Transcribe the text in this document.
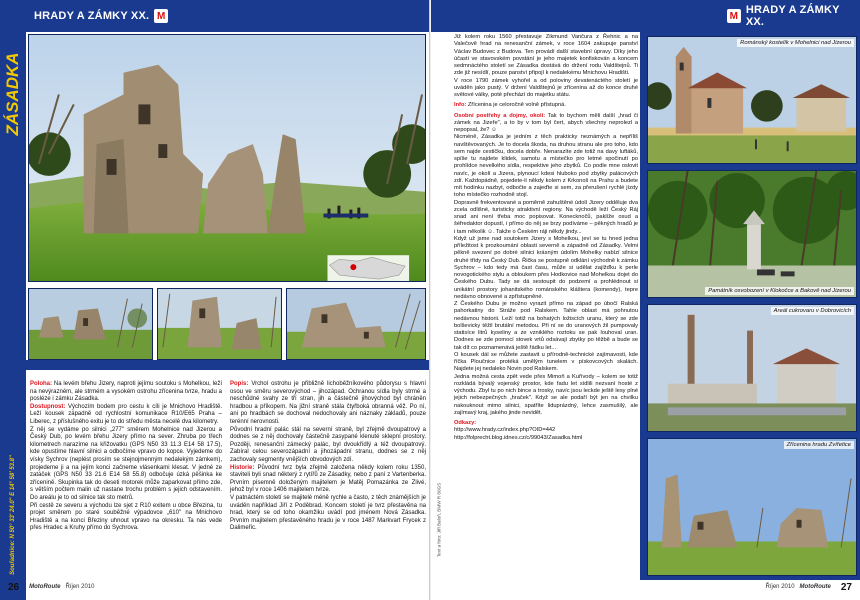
HRADY A ZÁMKY XX. M	M HRADY A ZÁMKY XX.
ZÁSADKA
Souřadnice: N 50° 33' 24.0" E 14° 58' 53.8"

Poloha: Na levém břehu Jizery, naproti jejímu soutoku s Mohelkou, leží na nevýrazném, ale strmém a vysokém ostrohu zřícenina tvrze, hradu a posléze i zámku Zásadka.

Dostupnost: Výchozím bodem pro cestu k cíli je Mnichovo Hradiště. Leží kousek západně od rychlostní komunikace R10/E65 Praha – Liberec, z příslušného exitu je to do středu města necelé dva kilometry.

Z něj se vydáme po silnici „277" směrem Mohelnice nad Jizerou a Český Dub, po levém břehu Jizery přímo na sever. Zhruba po třech kilometrech narazíme na křižovatku (GPS N50 33 11.3 E14 58 17.5), kde opustíme hlavní silnici a odbočíme vpravo do kopce. Vyjedeme do vísky Sychrov (neplést prosím se stejnojmenným nedalekým zámkem), projedeme ji a na jejím konci začneme vlásenkami klesat. V jedné ze zatáček (GPS N50 33 21.6 E14 58 55.8) odbočuje úzká pěšinka ke zřícenině. Skupinka tak do deseti motorek může zaparkovat přímo zde, s větším počtem malin už nastane trochu problém s jejich odstavením. Do areálu je to od silnice tak sto metrů.

Při cestě ze severu a východu lze sjet z R10 exitem u obce Březina, tu projet směrem po staré souběžné výpadovce „610" na Mnichovo Hradiště a na konci Březiny uhnout vpravo na okresku. Ta nás vede přes Hradec a Kruhy přímo do Sychrova.

Popis: Vrchol ostrohu je přibližně lichoběžníkového půdorysu s hlavní osou ve směru severovýchod – jihozápad. Ochranou sídla byly strmé a neschůdné svahy ze tří stran, jih a částečně jihovýchod byl chráněn hradbou a příkopem. Na jižní straně stála čtyřboká obranná věž. Po ní, ani po hradbách se dochoval nedochovaly ani náznaky základů, pouze terénní nerovnosti.

Původní hradní palác stál na severní straně, byl zřejmě dvoupatrový a dodnes se z něj dochovaly částečně zasypané klenuté sklepní prostory. Později, renesanční zámecký palác, byl dvoukřídlý a též dvoupatrový. Zabíral celou severozápadní a jihozápadní stranu, dodnes se z něj zachovaly segmenty vnějších obvodových zdí.

Historie: Původní tvrz byla zřejmě založena někdy kolem roku 1350, staviteli byli snad některý z rytířů ze Zásadky, nebo z paní z Vartenberka. Prvním písemně doloženým majitelem je Matěj Pomazánka ze Zlivé, jehož byl v roce 1406 majitelem tvrze.

V patnáctém století se majitelé méně rychle a často, z těch známějších je uváděn například Jiří z Poděbrad. Koncem století je tvrz přestavěna na hrad, který se od toho okamžiku uvádí pod jménem Nová Zásadka. Prvním majitelem přestavěného hradu je v roce 1487 Markvart Frycek z Dalimeřic.	Text a foto: Jiří Baloň, BMW R 80GS

Již kolem roku 1560 přestavuje Zikmund Vančura z Řehnic a na Valečově hrad na renesanční zámek, v roce 1604 zakupuje panství Václav Budovec z Budova. Ten provádí další stavební úpravy. Díky jeho účasti ve stavovském povstání je jeho majetek konfiskován a koncem sedmnáctého století se Zásadka dostává do držení rodu Valdštejnů. Ti zde již nesídlí, pouze panství připojí k nedalekému Mnichovu Hradišti.

V roce 1790 zámek vyhořel a od poloviny devatenáctého století je uváděn jako pustý. V držení Valdštejnů je zřícenina až do konce druhé světové války, poté přechází do majetku státu.

Info: Zřícenina je celoročně volně přístupná.

Osobní postřehy a dojmy, okolí: Tak to bychom měli další „hrad či zámek na Jizeře", a to by v tom byl čert, abych všechny neprolezl a nepopsal, že? ☺

Nicméně, Zásadka je jedním z těch prakticky neznámých a nepříliš navštěvovaných. Je to docela škoda, na druhou stranu ale pro toho, kdo sem najde cestičku, docela dobře. Nenarazíte zde totiž na davy luftáků, spíše tu najdete klidek, samotu a místečko pro letmé spočinutí po prohlídce nevelkého sídla, respektive jeho zbytků. Co podle mne oslovit navíc, je okolí a Jizera, plynoucí kdesi hluboko pod zbytky palácových zdí. Každopádně, pojedete-li někdy kolem z Krkonoš na Prahu a budete mít hodinku nazbyt, odbočte a zajeďte si sem, za přerušení rychlé jízdy toho místečko rozhodně stojí.

Dopravně frekventované a poměrně zahuštěné údolí Jizery odděluje dva zcela odlišné, turisticky atraktivní regiony. Na východě leží Český Ráj snad ani není třeba moc popisovat. Konecknočů, paklíže osud a šéfredaktor dopustí, i přímo do něj se brzy podíváme – pěkných hradů je i tam několik ☺. Takže o Českém ráji někdy jindy...

Když už jsme nad soutokem Jizery s Mohelkou, jeví se tu hned jedna příležitost k prozkoumání oblasti severně a západně od Zásadky. Velmi pěkně svezení po dobré silnici krásným údolím Mohelky nabízí silnice druhé třídy na Český Dub. Řička se postupně odklání východně k zámku Sychrov – kdo tedy má čast času, může si udělat zajížďku k perle novogotického stylu a obloukem přes Hodkovice nad Mohelkou dojet do Českého Dubu. Tady se dá sestoupit do podzemí a prohlédnout si unikátní prostory johanitského románského kláštera (komendy), tepre nedávno obnovené a zpřístupněné.

Z Českého Dubu je možno vyrazit přímo na západ po úbočí Ralská pahorkatiny do Stráže pod Ralskem. Tahle oblast má pohnutou nedávnou historii. Leží totiž na bohatých ložiscích uranu, který se zde bolševicky těžil brutální metodou. Při ní se do uranových žil pumpovaly statisíce litrů kyseliny a ze vzniklého roztoku se pak louhoval uran. Dodnes se zde pomocí stovek vrtů odsávají zbytky po těžbě a bude se tak dít co poznamenává ještě řádku let...

O kousek dál se můžete zastavit u přírodně-technické zajímavosti, kde říčka Ploučnice protéká umělým tunelem v pískovcových skalách. Najdete jej nedaleko Novin pod Ralskem.

Jedna možná cesta zpět vede přes Mimoň a Kuřívody – kolem se totiž rozkládá bývalý vojenský prostor, kde řadu let sídlili nezvaní hosté z východu. Zbyl tu po nich bince a trosky, navíc jsou leckde ještě lesy plné jejich nebezpečných „hraček". Když se ale podaří být jen na chvilku nakouknout mimo silnici, spatříte liduprázdný, lehce zasmušilý, ale zajímavý kraj, jakého jinde nevidět.

Odkazy:

http://www.hrady.cz/index.php?OID=442

http://folprecht.blog.idnes.cz/c/99043/Zasadka.html

Románský kostelík v Mohelnici nad Jizerou
Památník osvobození v Klokočce a Bakově nad Jizerou
Areál cukrovaru v Dobrovicích
Zřícenina hradu Zvířetice
26 MotoRoute Říjen 2010	Říjen 2010 MotoRoute 27
